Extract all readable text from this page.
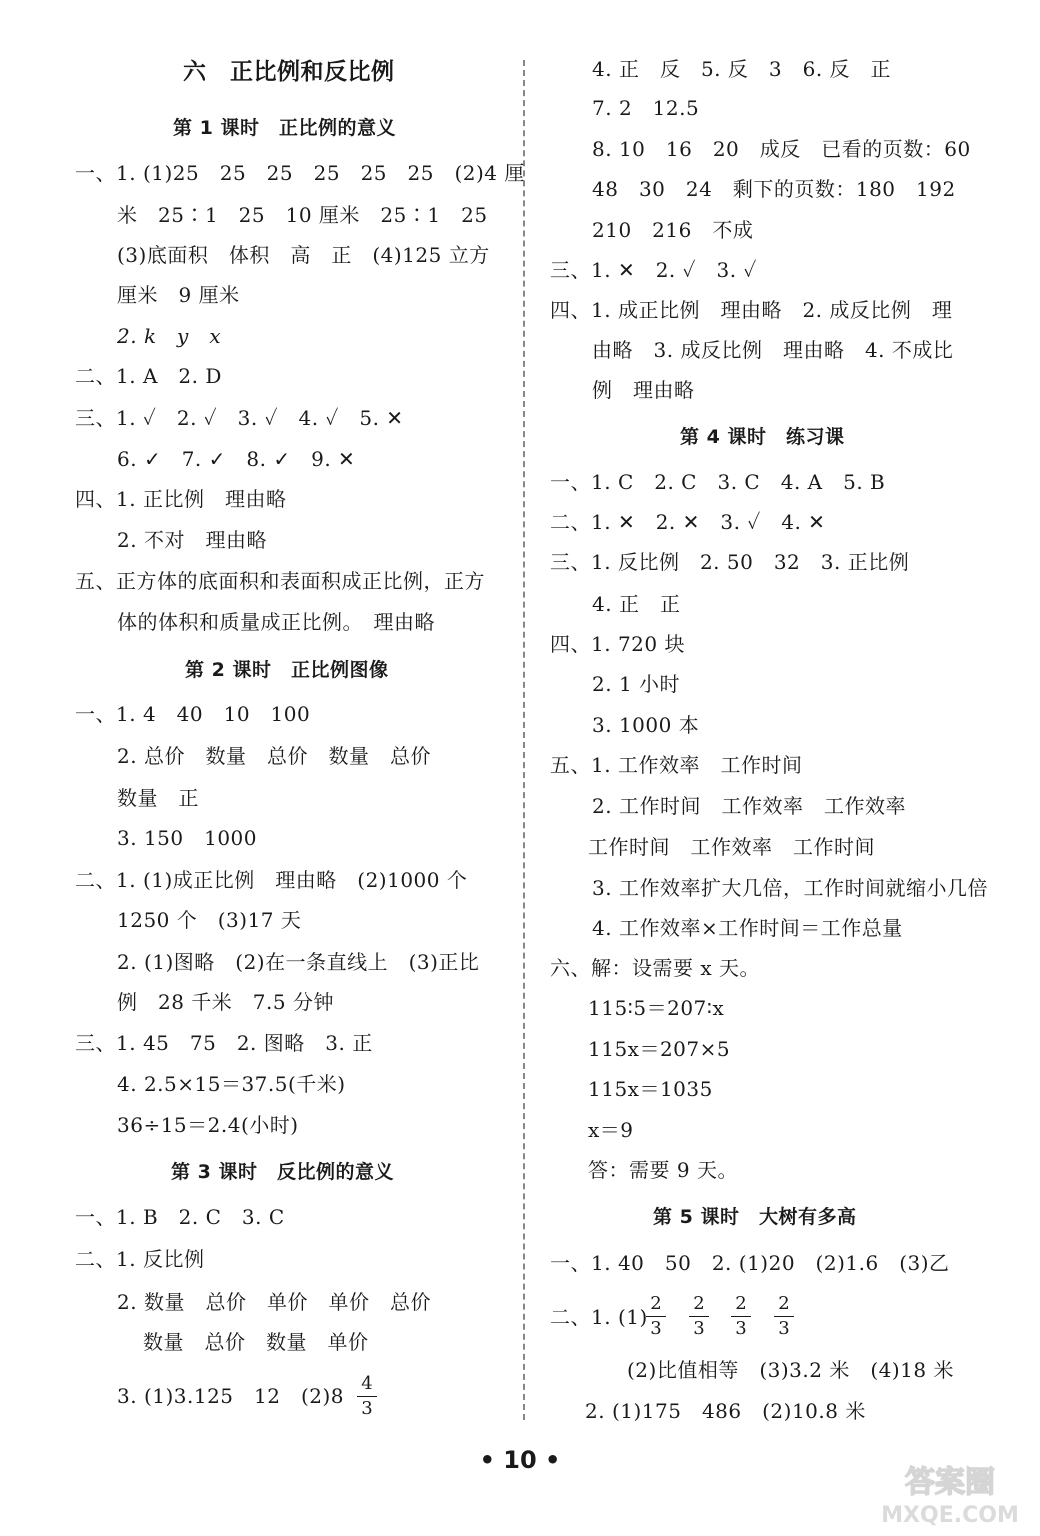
六　正比例和反比例
第 1 课时　正比例的意义
一、1. (1)25　25　25　25　25　25　(2)4 厘
米　25∶1　25　10 厘米　25∶1　25
(3)底面积　体积　高　正　(4)125 立方
厘米　9 厘米
2. k　y　x
二、1. A　2. D
三、1. ✓　2. ✓　3. ✓　4. ✓　5. ✕
6. ✓　7. ✓　8. ✓　9. ✕
四、1. 正比例　理由略
2. 不对　理由略
五、正方体的底面积和表面积成正比例，正方
体的体积和质量成正比例。　理由略
第 2 课时　正比例图像
一、1. 4　40　10　100
2. 总价　数量　总价　数量　总价
数量　正
3. 150　1000
二、1. (1)成正比例　理由略　(2)1000 个
1250 个　(3)17 天
2. (1)图略　(2)在一条直线上　(3)正比
例　28 千米　7.5 分钟
三、1. 45　75　2. 图略　3. 正
4. 2.5×15＝37.5(千米)
36÷15＝2.4(小时)
第 3 课时　反比例的意义
一、1. B　2. C　3. C
二、1. 反比例
2. 数量　总价　单价　单价　总价
数量　总价　数量　单价
3. (1)3.125　12　(2)8
4
3
4. 正　反　5. 反　3　6. 反　正
7. 2　12.5
8. 10　16　20　成反　已看的页数：60
48　30　24　剩下的页数：180　192
210　216　不成
三、1. ✕　2. ✓　3. ✓
四、1. 成正比例　理由略　2. 成反比例　理
由略　3. 成反比例　理由略　4. 不成比
例　理由略
第 4 课时　练习课
一、1. C　2. C　3. C　4. A　5. B
二、1. ✕　2. ✕　3. ✓　4. ✕
三、1. 反比例　2. 50　32　3. 正比例
4. 正　正
四、1. 720 块
2. 1 小时
3. 1000 本
五、1. 工作效率　工作时间
2. 工作时间　工作效率　工作效率
工作时间　工作效率　工作时间
3. 工作效率扩大几倍，工作时间就缩小几倍
4. 工作效率×工作时间＝工作总量
六、解：设需要 x 天。
115∶5＝207∶x
115x＝207×5
115x＝1035
x＝9
答：需要 9 天。
第 5 课时　大树有多高
一、1. 40　50　2. (1)20　(2)1.6　(3)乙
二、1. (1)
2
3
2
3
2
3
2
3
(2)比值相等　(3)3.2 米　(4)18 米
2. (1)175　486　(2)10.8 米
• 10 •
答案圈
MXQE.COM
